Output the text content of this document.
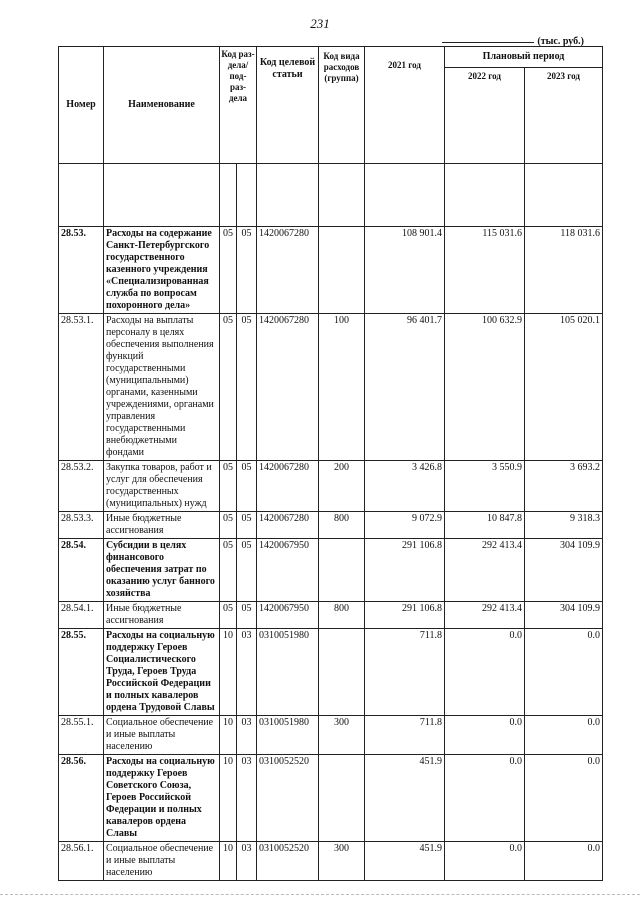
231
(тыс. руб.)
Номер	Наименование	Код раз- дела/ под- раз- дела		Код целевой статьи	Код вида расходов (группа)	2021 год	Плановый период	
							2022 год	2023 год

28.53.	Расходы на содержание Санкт-Петербургского государственного казенного учреждения «Специализированная служба по вопросам похоронного дела»	05	05	1420067280		108 901.4	115 031.6	118 031.6
28.53.1.	Расходы на выплаты персоналу в целях обеспечения выполнения функций государственными (муниципальными) органами, казенными учреждениями, органами управления государственными внебюджетными фондами	05	05	1420067280	100	96 401.7	100 632.9	105 020.1
28.53.2.	Закупка товаров, работ и услуг для обеспечения государственных (муниципальных) нужд	05	05	1420067280	200	3 426.8	3 550.9	3 693.2
28.53.3.	Иные бюджетные ассигнования	05	05	1420067280	800	9 072.9	10 847.8	9 318.3
28.54.	Субсидии в целях финансового обеспечения затрат по оказанию услуг банного хозяйства	05	05	1420067950		291 106.8	292 413.4	304 109.9
28.54.1.	Иные бюджетные ассигнования	05	05	1420067950	800	291 106.8	292 413.4	304 109.9
28.55.	Расходы на социальную поддержку Героев Социалистического Труда, Героев Труда Российской Федерации и полных кавалеров ордена Трудовой Славы	10	03	0310051980		711.8	0.0	0.0
28.55.1.	Социальное обеспечение и иные выплаты населению	10	03	0310051980	300	711.8	0.0	0.0
28.56.	Расходы на социальную поддержку Героев Советского Союза, Героев Российской Федерации и полных кавалеров ордена Славы	10	03	0310052520		451.9	0.0	0.0
28.56.1.	Социальное обеспечение и иные выплаты населению	10	03	0310052520	300	451.9	0.0	0.0
